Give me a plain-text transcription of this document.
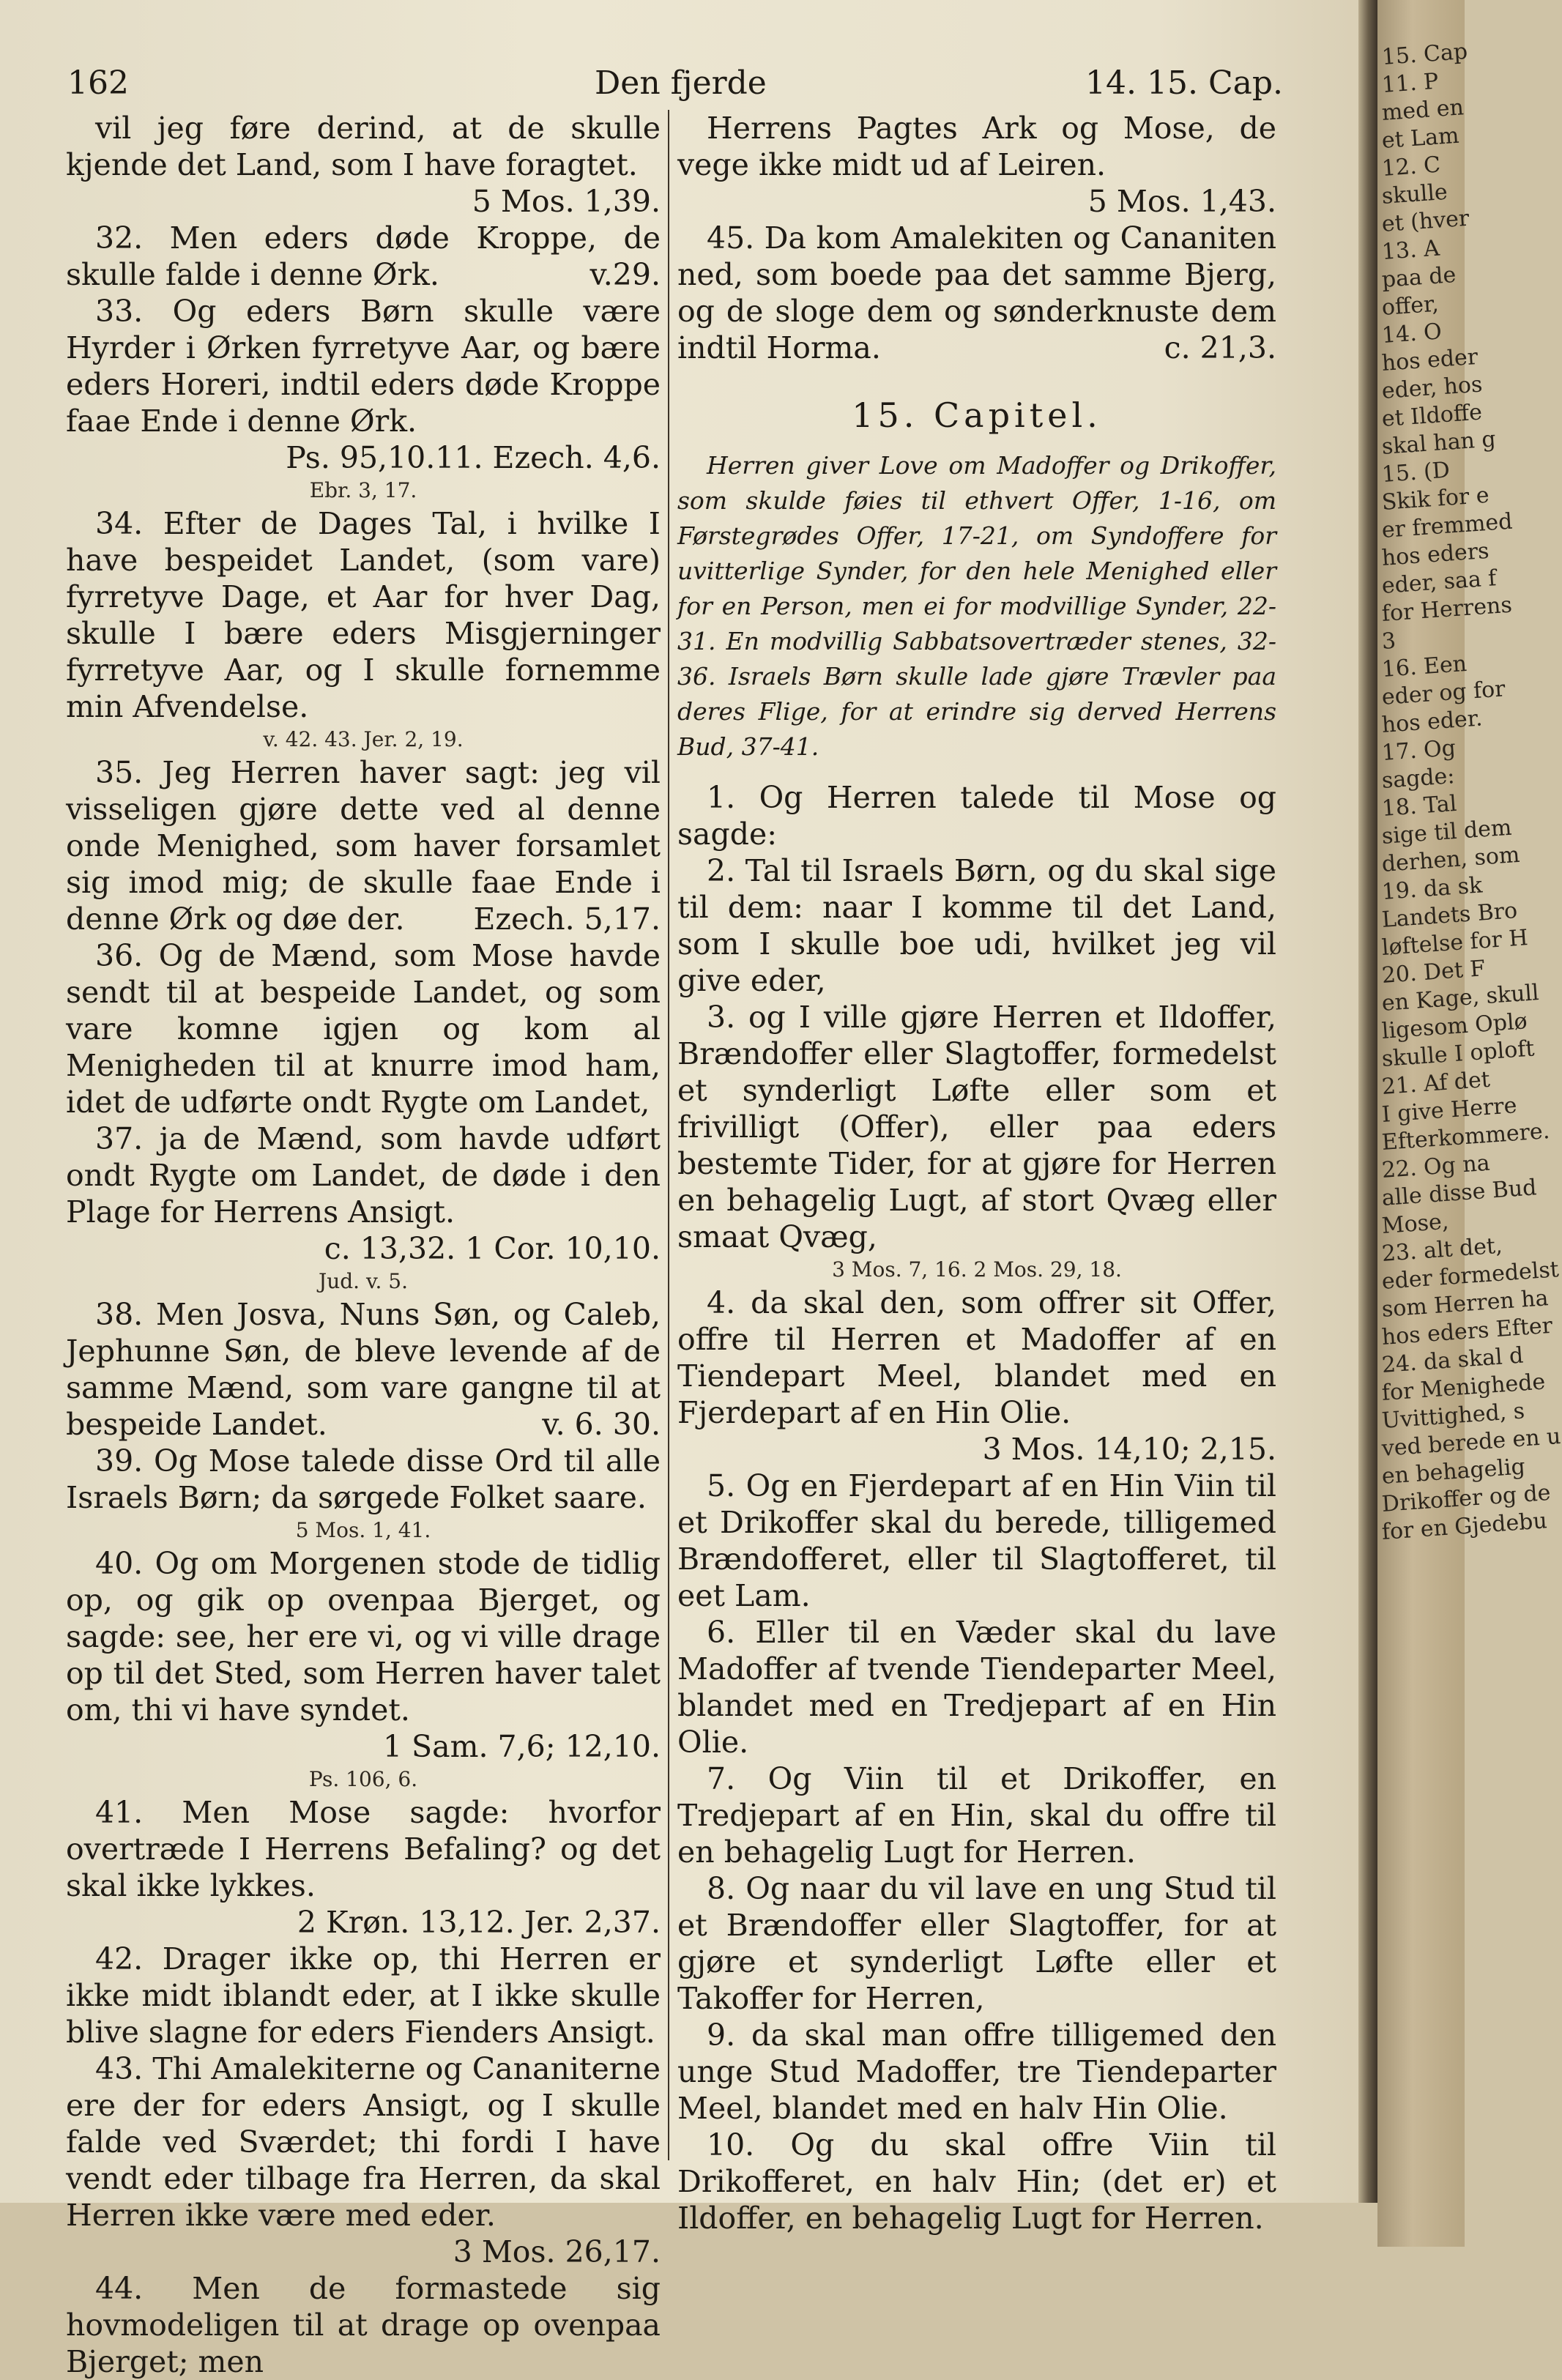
162	Den fjerde	14. 15. Cap.

vil jeg føre derind, at de skulle kjende det Land, som I have foragtet.
5 Mos. 1,39.

32. Men eders døde Kroppe, de skulle falde i denne Ørk.	v.29.

33. Og eders Børn skulle være Hyrder i Ørken fyrretyve Aar, og bære eders Horeri, indtil eders døde Kroppe faae Ende i denne Ørk.
Ps. 95,10.11. Ezech. 4,6.

Ebr. 3, 17.

34. Efter de Dages Tal, i hvilke I have bespeidet Landet, (som vare) fyrretyve Dage, et Aar for hver Dag, skulle I bære eders Misgjerninger fyrretyve Aar, og I skulle fornemme min Afvendelse.

v. 42. 43. Jer. 2, 19.

35. Jeg Herren haver sagt: jeg vil visseligen gjøre dette ved al denne onde Menighed, som haver forsamlet sig imod mig; de skulle faae Ende i denne Ørk og døe der.	Ezech. 5,17.

36. Og de Mænd, som Mose havde sendt til at bespeide Landet, og som vare komne igjen og kom al Menigheden til at knurre imod ham, idet de udførte ondt Rygte om Landet,

37. ja de Mænd, som havde udført ondt Rygte om Landet, de døde i den Plage for Herrens Ansigt.
c. 13,32. 1 Cor. 10,10.

Jud. v. 5.

38. Men Josva, Nuns Søn, og Caleb, Jephunne Søn, de bleve levende af de samme Mænd, som vare gangne til at bespeide Landet.	v. 6. 30.

39. Og Mose talede disse Ord til alle Israels Børn; da sørgede Folket saare.

5 Mos. 1, 41.

40. Og om Morgenen stode de tidlig op, og gik op ovenpaa Bjerget, og sagde: see, her ere vi, og vi ville drage op til det Sted, som Herren haver talet om, thi vi have syndet.
1 Sam. 7,6; 12,10.

Ps. 106, 6.

41. Men Mose sagde: hvorfor overtræde I Herrens Befaling? og det skal ikke lykkes.
2 Krøn. 13,12. Jer. 2,37.

42. Drager ikke op, thi Herren er ikke midt iblandt eder, at I ikke skulle blive slagne for eders Fienders Ansigt.

43. Thi Amalekiterne og Cananiterne ere der for eders Ansigt, og I skulle falde ved Sværdet; thi fordi I have vendt eder tilbage fra Herren, da skal Herren ikke være med eder.
3 Mos. 26,17.

44. Men de formastede sig hovmodeligen til at drage op ovenpaa Bjerget; men

Herrens Pagtes Ark og Mose, de vege ikke midt ud af Leiren.
5 Mos. 1,43.

45. Da kom Amalekiten og Cananiten ned, som boede paa det samme Bjerg, og de sloge dem og sønderknuste dem indtil Horma.	c. 21,3.

15. Capitel.

Herren giver Love om Madoffer og Drikoffer, som skulde føies til ethvert Offer, 1-16, om Førstegrødes Offer, 17-21, om Syndoffere for uvitterlige Synder, for den hele Menighed eller for en Person, men ei for modvillige Synder, 22-31. En modvillig Sabbatsovertræder stenes, 32-36. Israels Børn skulle lade gjøre Trævler paa deres Flige, for at erindre sig derved Herrens Bud, 37-41.

1. Og Herren talede til Mose og sagde:

2. Tal til Israels Børn, og du skal sige til dem: naar I komme til det Land, som I skulle boe udi, hvilket jeg vil give eder,

3. og I ville gjøre Herren et Ildoffer, Brændoffer eller Slagtoffer, formedelst et synderligt Løfte eller som et frivilligt (Offer), eller paa eders bestemte Tider, for at gjøre for Herren en behagelig Lugt, af stort Qvæg eller smaat Qvæg,

3 Mos. 7, 16. 2 Mos. 29, 18.

4. da skal den, som offrer sit Offer, offre til Herren et Madoffer af en Tiendepart Meel, blandet med en Fjerdepart af en Hin Olie.
3 Mos. 14,10; 2,15.

5. Og en Fjerdepart af en Hin Viin til et Drikoffer skal du berede, tilligemed Brændofferet, eller til Slagtofferet, til eet Lam.

6. Eller til en Væder skal du lave Madoffer af tvende Tiendeparter Meel, blandet med en Tredjepart af en Hin Olie.

7. Og Viin til et Drikoffer, en Tredjepart af en Hin, skal du offre til en behagelig Lugt for Herren.

8. Og naar du vil lave en ung Stud til et Brændoffer eller Slagtoffer, for at gjøre et synderligt Løfte eller et Takoffer for Herren,

9. da skal man offre tilligemed den unge Stud Madoffer, tre Tiendeparter Meel, blandet med en halv Hin Olie.

10. Og du skal offre Viin til Drikofferet, en halv Hin; (det er) et Ildoffer, en behagelig Lugt for Herren.

15. Cap
11. P
med en
et Lam
12. C
skulle
et (hver
13. A
paa de
offer,
14. O
hos eder
eder, hos
et Ildoffe
skal han g
15. (D
Skik for e
er fremmed
hos eders
eder, saa f
for Herrens
3
16. Een
eder og for
hos eder.
17. Og
sagde:
18. Tal
sige til dem
derhen, som
19. da sk
Landets Bro
løftelse for H
20. Det F
en Kage, skull
ligesom Oplø
skulle I oploft
21. Af det
I give Herre
Efterkommere.
22. Og na
alle disse Bud
Mose,
23. alt det,
eder formedelst
som Herren ha
hos eders Efter
24. da skal d
for Menighede
Uvittighed, s
ved berede en u
en behagelig
Drikoffer og de
for en Gjedebu
